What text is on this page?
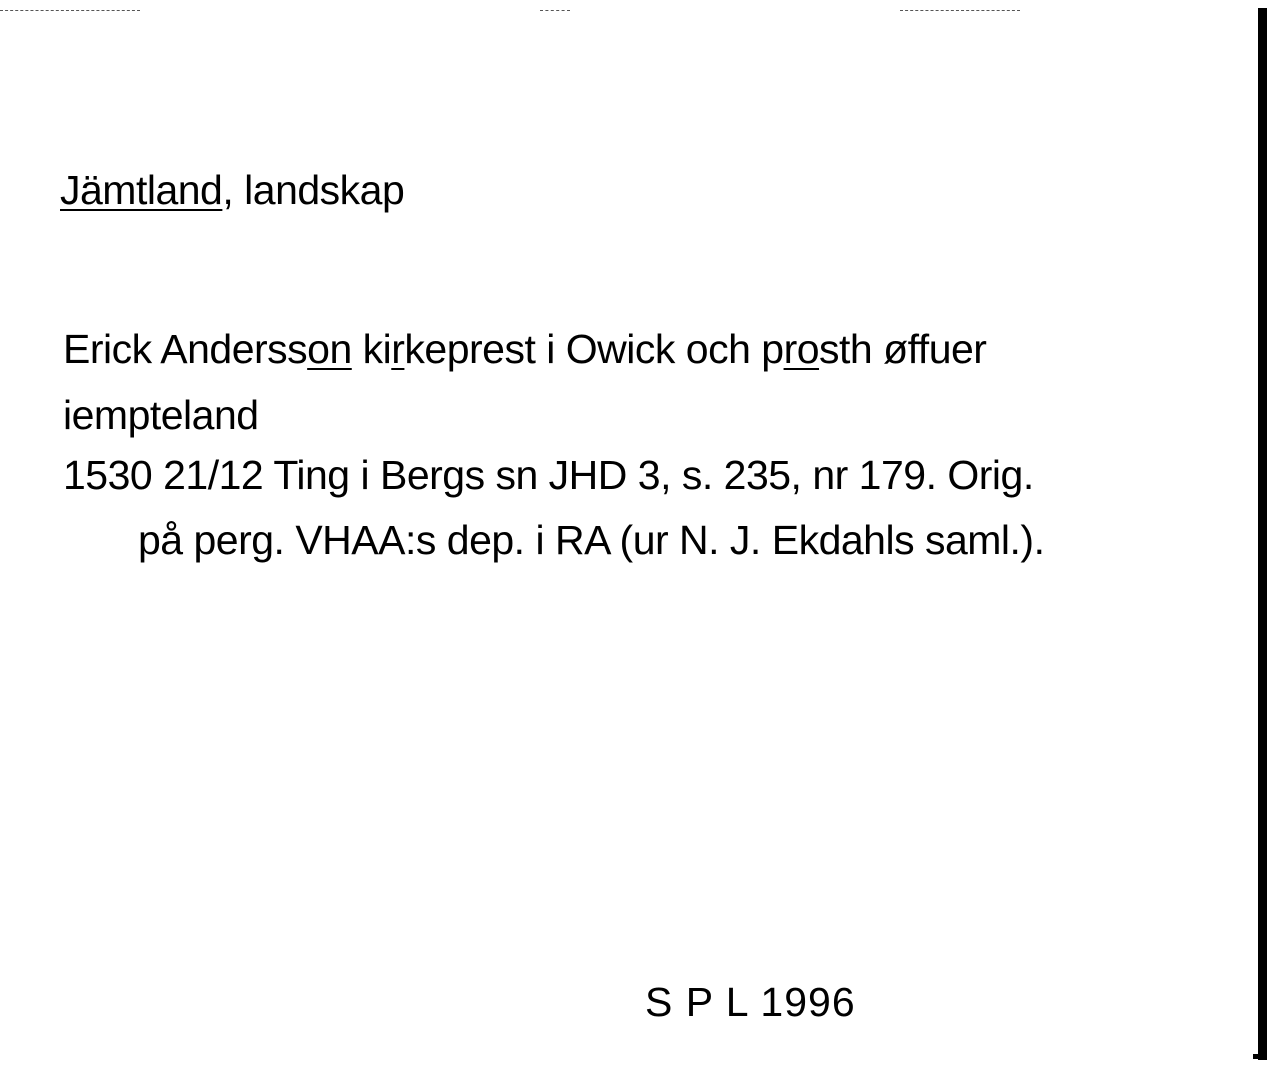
Jämtland, landskap
Erick Andersson kirkeprest i Owick och prosth øffuer
iempteland
1530 21/12 Ting i Bergs sn JHD 3, s. 235, nr 179. Orig.
på perg. VHAA:s dep. i RA (ur N. J. Ekdahls saml.).
S P L 1996
